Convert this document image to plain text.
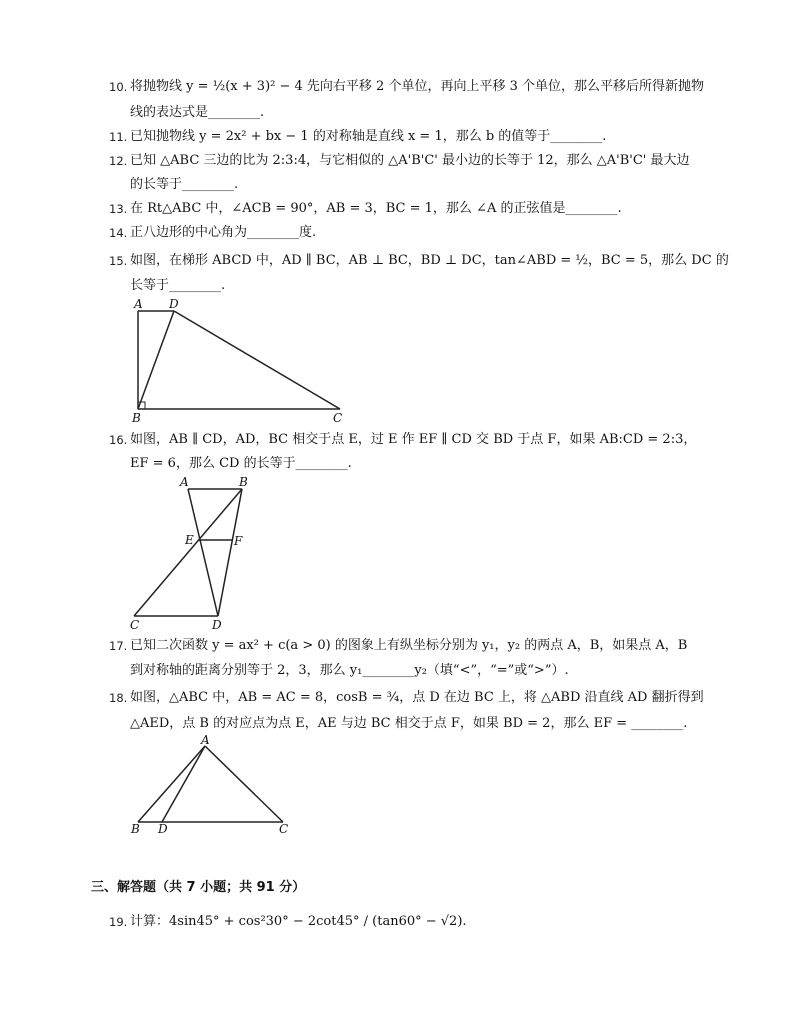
10. 将抛物线 y = ½(x + 3)² − 4 先向右平移 2 个单位，再向上平移 3 个单位，那么平移后所得新抛物
线的表达式是________.
11. 已知抛物线 y = 2x² + bx − 1 的对称轴是直线 x = 1，那么 b 的值等于________.
12. 已知 △ABC 三边的比为 2:3:4，与它相似的 △A'B'C' 最小边的长等于 12，那么 △A'B'C' 最大边
的长等于________.
13. 在 Rt△ABC 中，∠ACB = 90°，AB = 3，BC = 1，那么 ∠A 的正弦值是________.
14. 正八边形的中心角为________度.
15. 如图，在梯形 ABCD 中，AD ∥ BC，AB ⊥ BC，BD ⊥ DC，tan∠ABD = ½，BC = 5，那么 DC 的
长等于________.
A D
B	C
16. 如图，AB ∥ CD，AD，BC 相交于点 E，过 E 作 EF ∥ CD 交 BD 于点 F，如果 AB:CD = 2:3，
EF = 6，那么 CD 的长等于________.
A	B
E	F
C	D
17. 已知二次函数 y = ax² + c(a > 0) 的图象上有纵坐标分别为 y₁，y₂ 的两点 A，B，如果点 A，B
到对称轴的距离分别等于 2，3，那么 y₁________y₂（填“<”，“=”或“>”）.
18. 如图，△ABC 中，AB = AC = 8，cosB = ¾，点 D 在边 BC 上，将 △ABD 沿直线 AD 翻折得到
△AED，点 B 的对应点为点 E，AE 与边 BC 相交于点 F，如果 BD = 2，那么 EF = ________.
A
B D	C
三、解答题（共 7 小题；共 91 分）
19. 计算：4sin45° + cos²30° − 2cot45° / (tan60° − √2).
